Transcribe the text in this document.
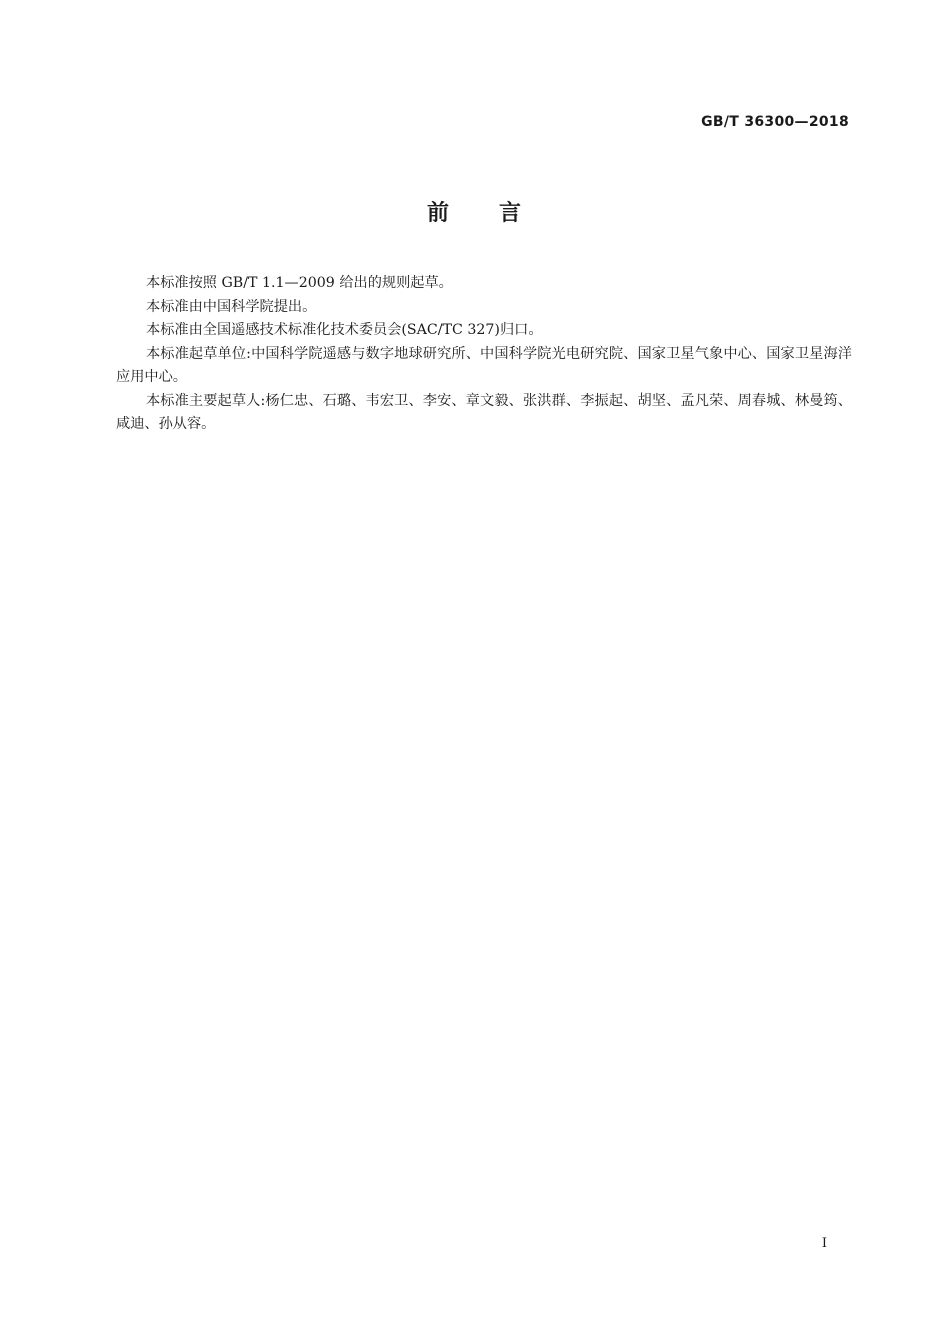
GB/T 36300—2018
前　　言

本标准按照 GB/T 1.1—2009 给出的规则起草。

本标准由中国科学院提出。

本标准由全国遥感技术标准化技术委员会(SAC/TC 327)归口。

本标准起草单位:中国科学院遥感与数字地球研究所、中国科学院光电研究院、国家卫星气象中心、国家卫星海洋应用中心。

本标准主要起草人:杨仁忠、石璐、韦宏卫、李安、章文毅、张洪群、李振起、胡坚、孟凡荣、周春城、林曼筠、咸迪、孙从容。

I
